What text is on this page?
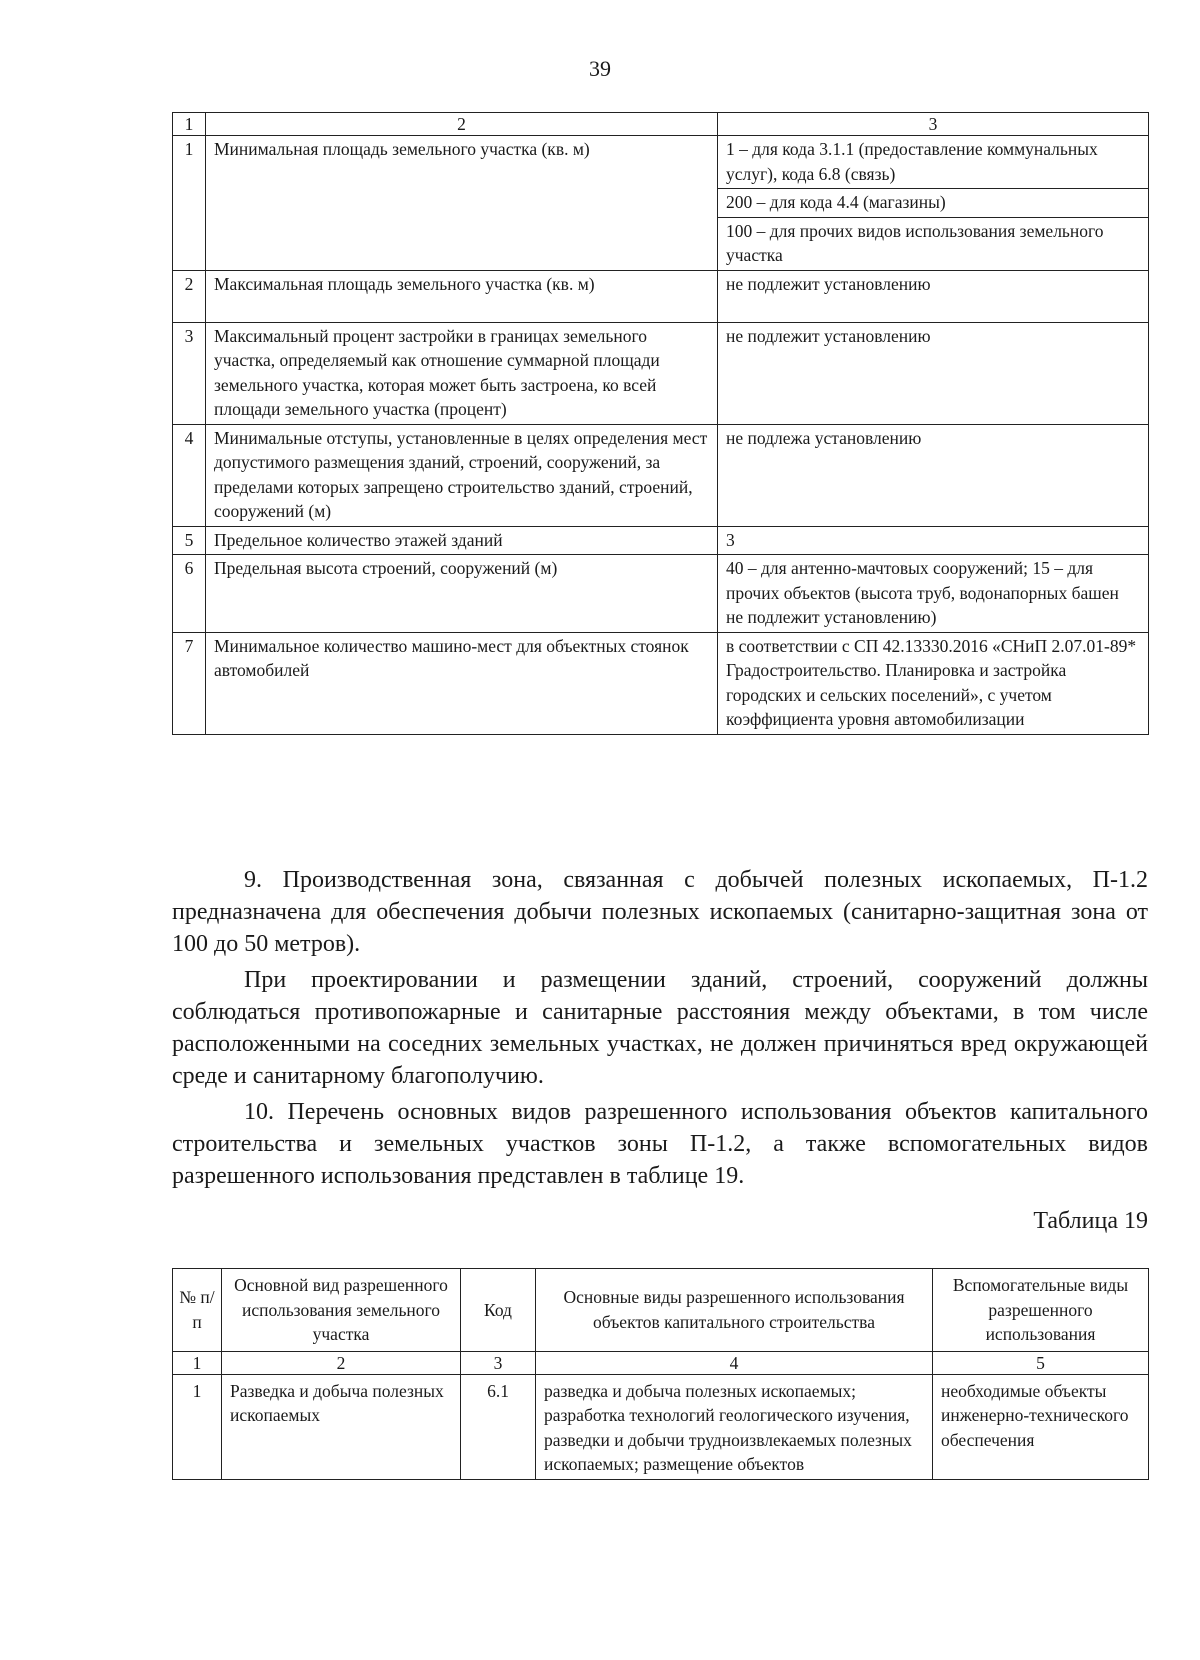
39
1	2	3
1	Минимальная площадь земельного участка (кв. м)	1 – для кода 3.1.1 (предоставление коммунальных услуг), кода 6.8 (связь)
200 – для кода 4.4 (магазины)
100 – для прочих видов использования земельного участка

2	Максимальная площадь земельного участка (кв. м)	не подлежит установлению
3	Максимальный процент застройки в границах земельного участка, определяемый как отношение суммарной площади земельного участка, которая может быть застроена, ко всей площади земельного участка (процент)	не подлежит установлению
4	Минимальные отступы, установленные в целях определения мест допустимого размещения зданий, строений, сооружений, за пределами которых запрещено строительство зданий, строений, сооружений (м)	не подлежа установлению
5	Предельное количество этажей зданий	3
6	Предельная высота строений, сооружений (м)	40 – для антенно-мачтовых сооружений; 15 – для прочих объектов (высота труб, водонапорных башен не подлежит установлению)
7	Минимальное количество машино-мест для объектных стоянок автомобилей	в соответствии с СП 42.13330.2016 «СНиП 2.07.01-89* Градостроительство. Планировка и застройка городских и сельских поселений», с учетом коэффициента уровня автомобилизации

9. Производственная зона, связанная с добычей полезных ископаемых, П-1.2 предназначена для обеспечения добычи полезных ископаемых (санитарно-защитная зона от 100 до 50 метров).

При проектировании и размещении зданий, строений, сооружений должны соблюдаться противопожарные и санитарные расстояния между объектами, в том числе расположенными на соседних земельных участках, не должен причиняться вред окружающей среде и санитарному благополучию.

10. Перечень основных видов разрешенного использования объектов капитального строительства и земельных участков зоны П-1.2, а также вспомогательных видов разрешенного использования представлен в таблице 19.

Таблица 19
№ п/п	Основной вид разрешенного использования земельного участка	Код	Основные виды разрешенного использования объектов капитального строительства	Вспомогательные виды разрешенного использования
1	2	3	4	5
1	Разведка и добыча полезных ископаемых	6.1	разведка и добыча полезных ископаемых; разработка технологий геологического изучения, разведки и добычи трудноизвлекаемых полезных ископаемых; размещение объектов	необходимые объекты инженерно-технического обеспечения
